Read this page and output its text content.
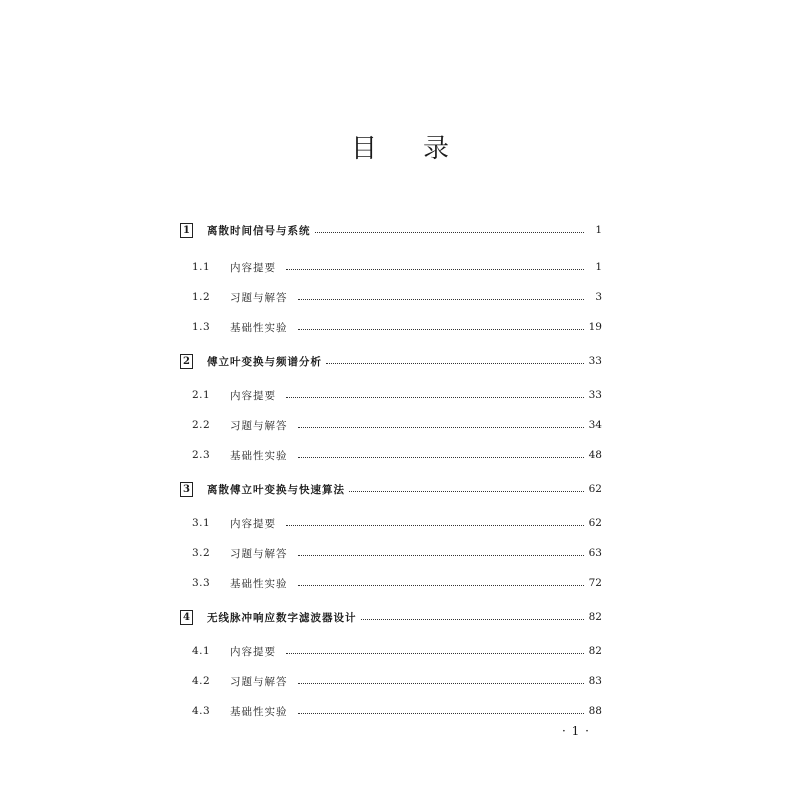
目 录
1 离散时间信号与系统	1
1.1	内容提要	1
1.2	习题与解答	3
1.3	基础性实验	19
2 傅立叶变换与频谱分析	33
2.1	内容提要	33
2.2	习题与解答	34
2.3	基础性实验	48
3 离散傅立叶变换与快速算法	62
3.1	内容提要	62
3.2	习题与解答	63
3.3	基础性实验	72
4 无线脉冲响应数字滤波器设计	82
4.1	内容提要	82
4.2	习题与解答	83
4.3	基础性实验	88
· 1 ·
